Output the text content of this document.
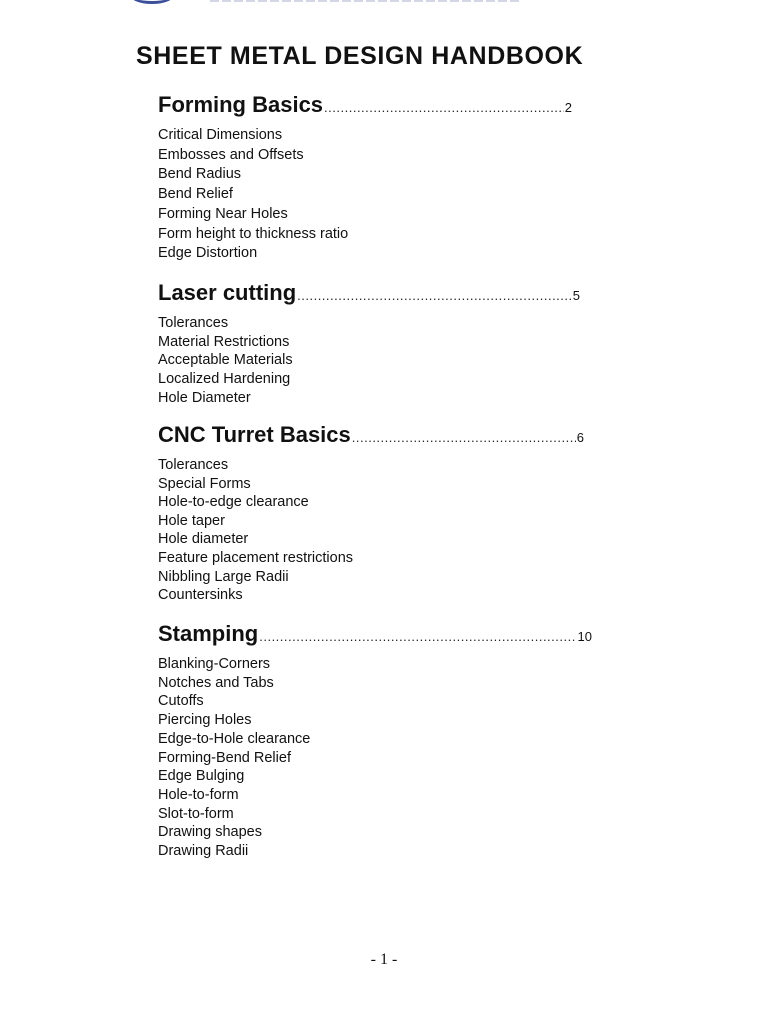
SHEET METAL DESIGN HANDBOOK
Forming Basics .....	2
Critical Dimensions
Embosses and Offsets
Bend Radius
Bend Relief
Forming Near Holes
Form height to thickness ratio
Edge Distortion
Laser cutting .....	5
Tolerances
Material Restrictions
Acceptable Materials
Localized Hardening
Hole Diameter
CNC Turret Basics .....	6
Tolerances
Special Forms
Hole-to-edge clearance
Hole taper
Hole diameter
Feature placement restrictions
Nibbling Large Radii
Countersinks
Stamping .....	10
Blanking-Corners
Notches and Tabs
Cutoffs
Piercing Holes
Edge-to-Hole clearance
Forming-Bend Relief
Edge Bulging
Hole-to-form
Slot-to-form
Drawing shapes
Drawing Radii
- 1 -
